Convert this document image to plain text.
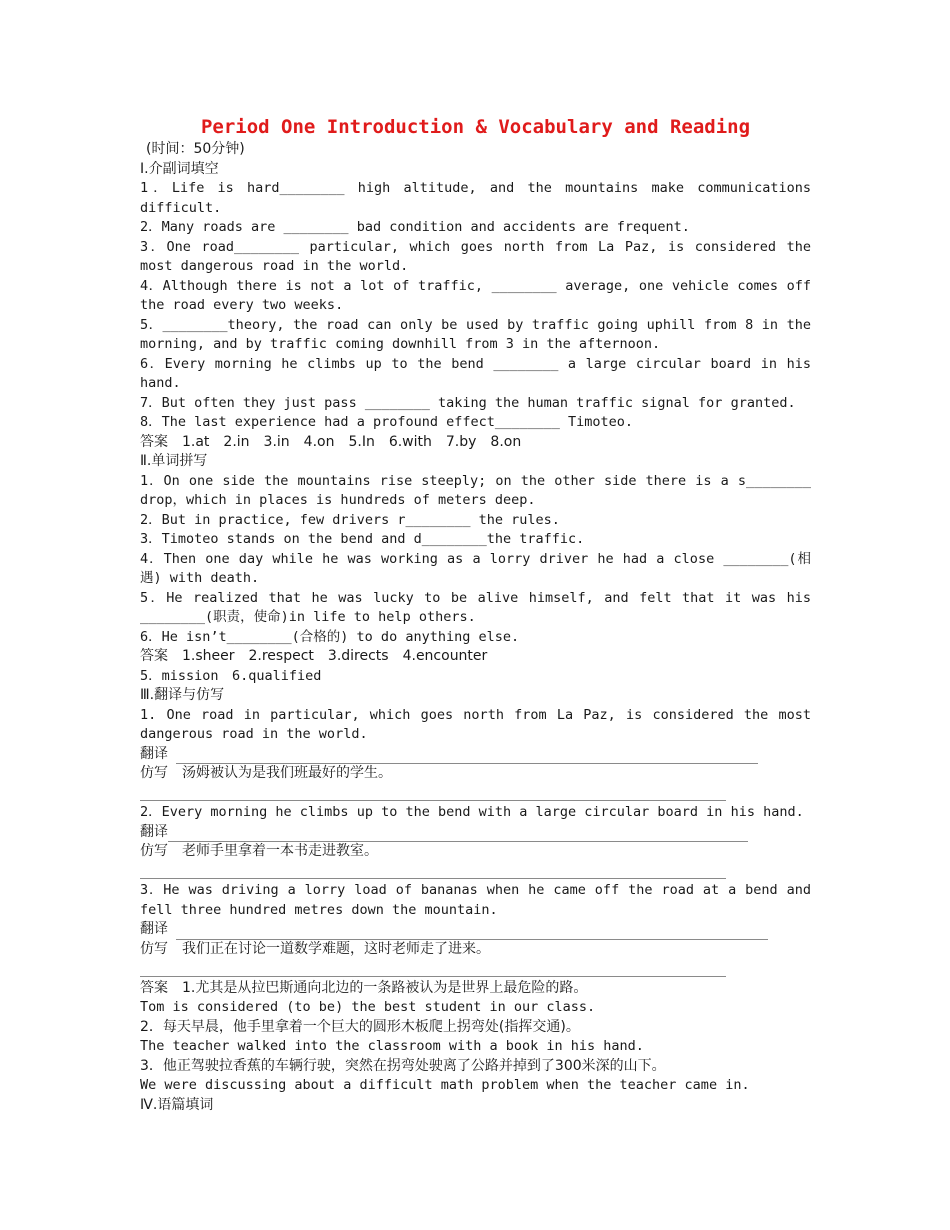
Period One Introduction & Vocabulary and Reading
(时间：50分钟)
Ⅰ.介副词填空
1．Life is hard________ high altitude, and the mountains make communications
difficult.
2．Many roads are ________ bad condition and accidents are frequent.
3．One road________ particular, which goes north from La Paz, is considered the
most dangerous road in the world.
4．Although there is not a lot of traffic, ________ average, one vehicle comes off
the road every two weeks.
5．________theory, the road can only be used by traffic going uphill from 8 in the
morning, and by traffic coming downhill from 3 in the afternoon.
6．Every morning he climbs up to the bend ________ a large circular board in his
hand.
7．But often they just pass ________ taking the human traffic signal for granted.
8．The last experience had a profound effect________ Timoteo.
答案　1.at　2.in　3.in　4.on　5.In　6.with　7.by　8.on
Ⅱ.单词拼写
1．On one side the mountains rise steeply; on the other side there is a s________
drop，which in places is hundreds of meters deep.
2．But in practice, few drivers r________ the rules.
3．Timoteo stands on the bend and d________the traffic.
4．Then one day while he was working as a lorry driver he had a close ________(相
遇) with death.
5．He realized that he was lucky to be alive himself, and felt that it was his
________(职责，使命)in life to help others.
6．He isn’t________(合格的) to do anything else.
答案　1.sheer　2.respect　3.directs　4.encounter
5．mission　6.qualified
Ⅲ.翻译与仿写
1. One road in particular, which goes north from La Paz, is considered the most
dangerous road in the world.
翻译
仿写　汤姆被认为是我们班最好的学生。
2．Every morning he climbs up to the bend with a large circular board in his hand.
翻译
仿写　老师手里拿着一本书走进教室。
3．He was driving a lorry load of bananas when he came off the road at a bend and
fell three hundred metres down the mountain.
翻译
仿写　我们正在讨论一道数学难题，这时老师走了进来。
答案　1.尤其是从拉巴斯通向北边的一条路被认为是世界上最危险的路。
Tom is considered (to be) the best student in our class.
2．每天早晨，他手里拿着一个巨大的圆形木板爬上拐弯处(指挥交通)。
The teacher walked into the classroom with a book in his hand.
3．他正驾驶拉香蕉的车辆行驶，突然在拐弯处驶离了公路并掉到了300米深的山下。
We were discussing about a difficult math problem when the teacher came in.
Ⅳ.语篇填词
